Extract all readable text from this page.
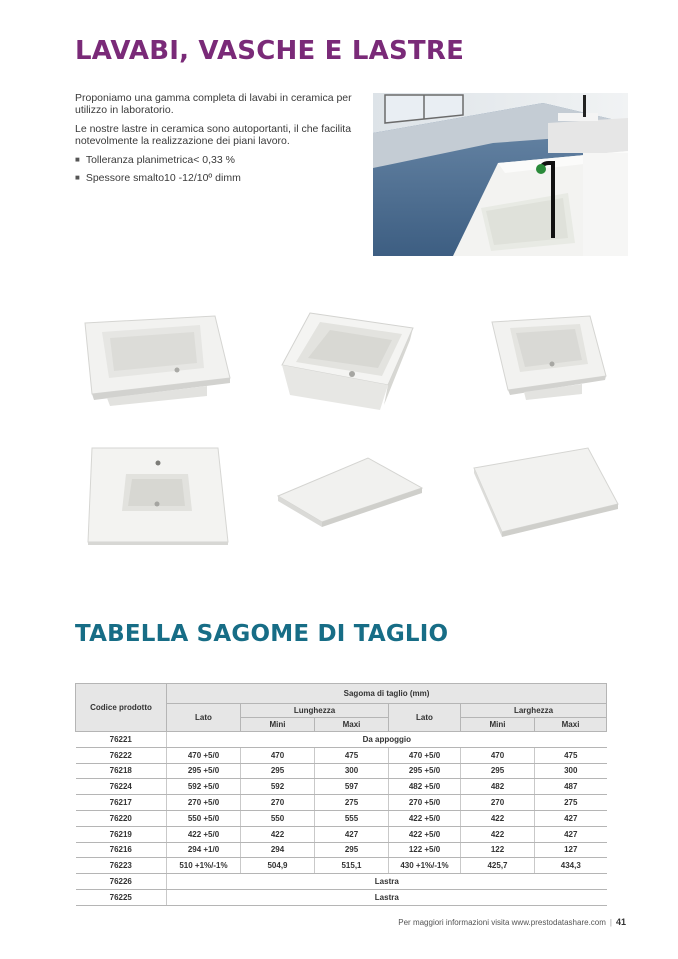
LAVABI, VASCHE E LASTRE

Proponiamo una gamma completa di lavabi in ceramica per utilizzo in laboratorio.

Le nostre lastre in ceramica sono autoportanti, il che facilita notevolmente la realizzazione dei piani lavoro.

■ Tolleranza planimetrica< 0,33 %
■ Spessore smalto10 -12/10º dimm
TABELLA SAGOME DI TAGLIO
Codice prodotto	Sagoma di taglio (mm)					
	Lato	Lunghezza		Lato	Larghezza	
		Mini	Maxi		Mini	Maxi
76221	Da appoggio					
76222	470 +5/0	470	475	470 +5/0	470	475
76218	295 +5/0	295	300	295 +5/0	295	300
76224	592 +5/0	592	597	482 +5/0	482	487
76217	270 +5/0	270	275	270 +5/0	270	275
76220	550 +5/0	550	555	422 +5/0	422	427
76219	422 +5/0	422	427	422 +5/0	422	427
76216	294 +1/0	294	295	122 +5/0	122	127
76223	510 +1%/-1%	504,9	515,1	430 +1%/-1%	425,7	434,3
76226	Lastra					
76225	Lastra					
Per maggiori informazioni visita www.prestodatashare.com | 41
